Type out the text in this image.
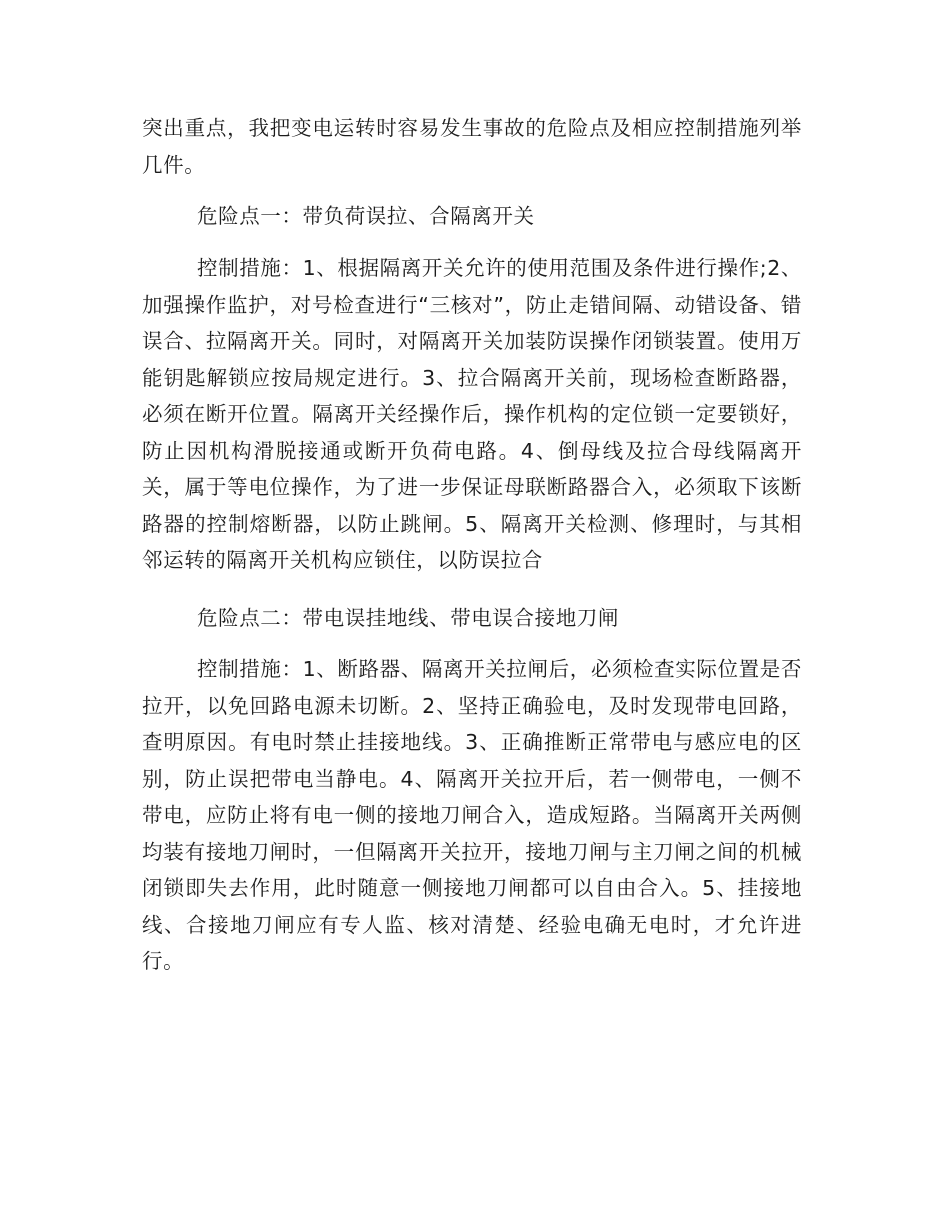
突出重点，我把变电运转时容易发生事故的危险点及相应控制措施列举几件。

危险点一：带负荷误拉、合隔离开关

控制措施：1、根据隔离开关允许的使用范围及条件进行操作;2、加强操作监护，对号检查进行“三核对”，防止走错间隔、动错设备、错误合、拉隔离开关。同时，对隔离开关加装防误操作闭锁装置。使用万能钥匙解锁应按局规定进行。3、拉合隔离开关前，现场检查断路器，必须在断开位置。隔离开关经操作后，操作机构的定位锁一定要锁好，防止因机构滑脱接通或断开负荷电路。4、倒母线及拉合母线隔离开关，属于等电位操作，为了进一步保证母联断路器合入，必须取下该断路器的控制熔断器，以防止跳闸。5、隔离开关检测、修理时，与其相邻运转的隔离开关机构应锁住，以防误拉合

危险点二：带电误挂地线、带电误合接地刀闸

控制措施：1、断路器、隔离开关拉闸后，必须检查实际位置是否拉开，以免回路电源未切断。2、坚持正确验电，及时发现带电回路，查明原因。有电时禁止挂接地线。3、正确推断正常带电与感应电的区别，防止误把带电当静电。4、隔离开关拉开后，若一侧带电，一侧不带电，应防止将有电一侧的接地刀闸合入，造成短路。当隔离开关两侧均装有接地刀闸时，一但隔离开关拉开，接地刀闸与主刀闸之间的机械闭锁即失去作用，此时随意一侧接地刀闸都可以自由合入。5、挂接地线、合接地刀闸应有专人监、核对清楚、经验电确无电时，才允许进行。
